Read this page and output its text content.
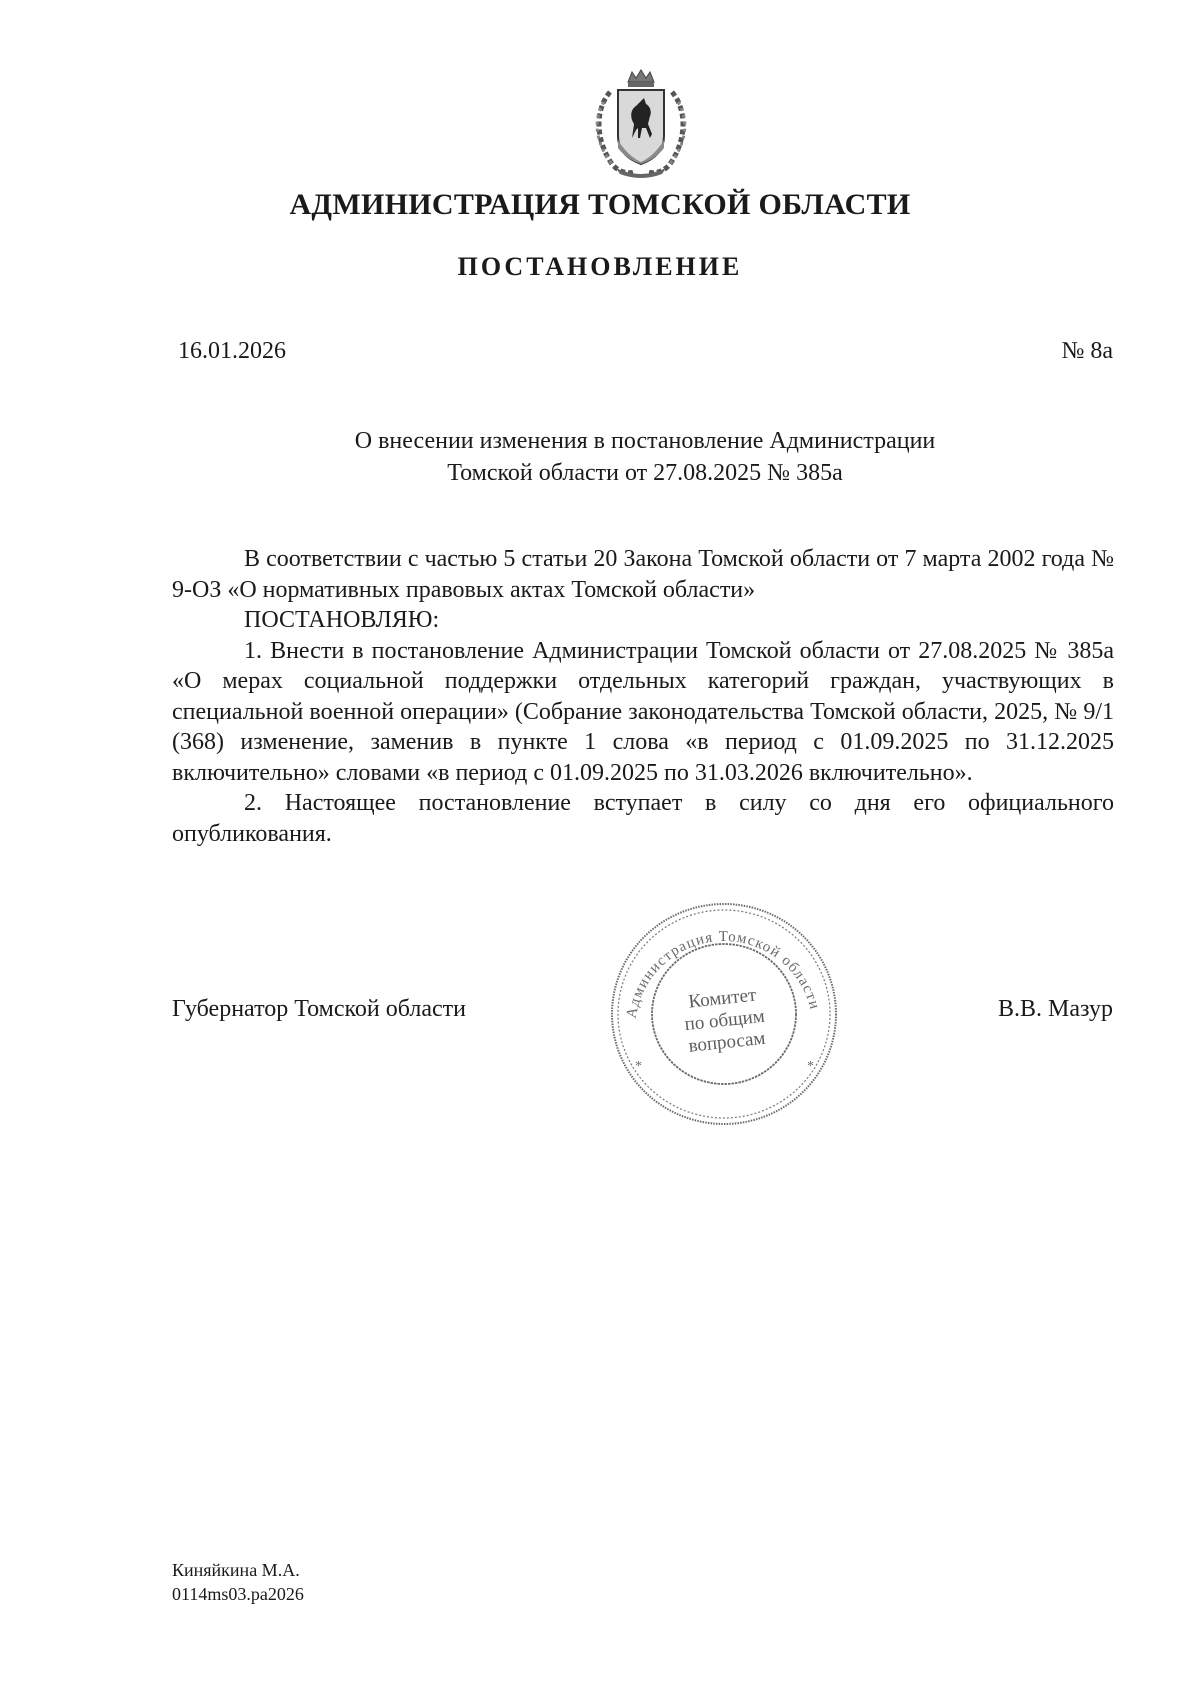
АДМИНИСТРАЦИЯ ТОМСКОЙ ОБЛАСТИ
ПОСТАНОВЛЕНИЕ
16.01.2026	№ 8а
О внесении изменения в постановление Администрации
Томской области от 27.08.2025 № 385а

В соответствии с частью 5 статьи 20 Закона Томской области от 7 марта 2002 года № 9-ОЗ «О нормативных правовых актах Томской области»

ПОСТАНОВЛЯЮ:

1. Внести в постановление Администрации Томской области от 27.08.2025 № 385а «О мерах социальной поддержки отдельных категорий граждан, участвующих в специальной военной операции» (Собрание законодательства Томской области, 2025, № 9/1 (368) изменение, заменив в пункте 1 слова «в период с 01.09.2025 по 31.12.2025 включительно» словами «в период с 01.09.2025 по 31.03.2026 включительно».

2. Настоящее постановление вступает в силу со дня его официального опубликования.

Губернатор Томской области	В.В. Мазур
Администрация Томской области
*	*
Комитет
по общим
вопросам
Киняйкина М.А.
0114ms03.pa2026
